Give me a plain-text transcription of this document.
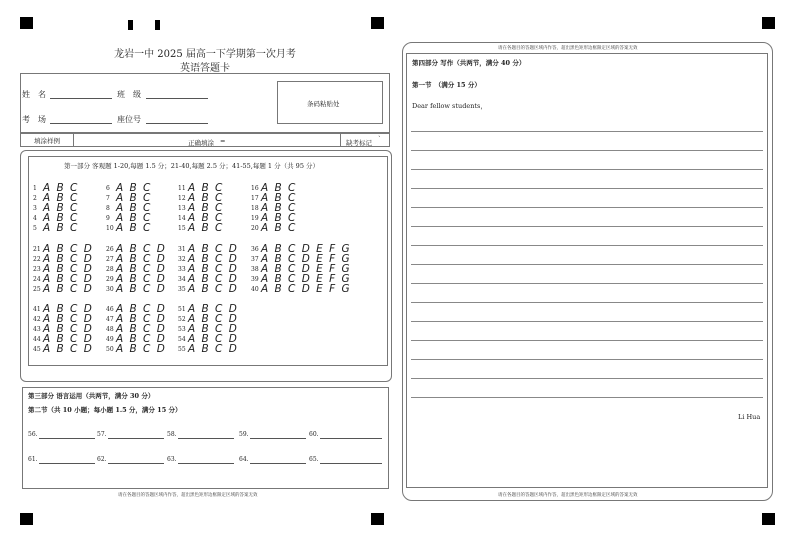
龙岩一中 2025 届高一下学期第一次月考
英语答题卡
姓　名	班　级
考　场	座位号
条码粘贴处
填涂样例	正确填涂 =	缺考标记 ˋ
第一部分 客观题 1-20,每题 1.5 分；21-40,每题 2.5 分；41-55,每题 1 分（共 95 分）
1 A B C
2 A B C
3 A B C
4 A B C
5 A B C
6 A B C
7 A B C
8 A B C
9 A B C
10 A B C
11 A B C
12 A B C
13 A B C
14 A B C
15 A B C
16 A B C
17 A B C
18 A B C
19 A B C
20 A B C
21 A B C D
22 A B C D
23 A B C D
24 A B C D
25 A B C D
26 A B C D
27 A B C D
28 A B C D
29 A B C D
30 A B C D
31 A B C D
32 A B C D
33 A B C D
34 A B C D
35 A B C D
36 A B C D E F G
37 A B C D E F G
38 A B C D E F G
39 A B C D E F G
40 A B C D E F G
41 A B C D
42 A B C D
43 A B C D
44 A B C D
45 A B C D
46 A B C D
47 A B C D
48 A B C D
49 A B C D
50 A B C D
51 A B C D
52 A B C D
53 A B C D
54 A B C D
55 A B C D
第三部分 语言运用（共两节，满分 30 分）
第二节（共 10 小题；每小题 1.5 分，满分 15 分）
56.	57.	58.	59.	60.
61.	62.	63.	64.	65.
请在各题目的答题区域内作答，超出黑色矩形边框限定区域的答案无效
请在各题目的答题区域内作答，超出黑色矩形边框限定区域的答案无效
第四部分 写作（共两节，满分 40 分）
第一节　（满分 15 分）
Dear fellow students，
Li Hua
请在各题目的答题区域内作答，超出黑色矩形边框限定区域的答案无效
